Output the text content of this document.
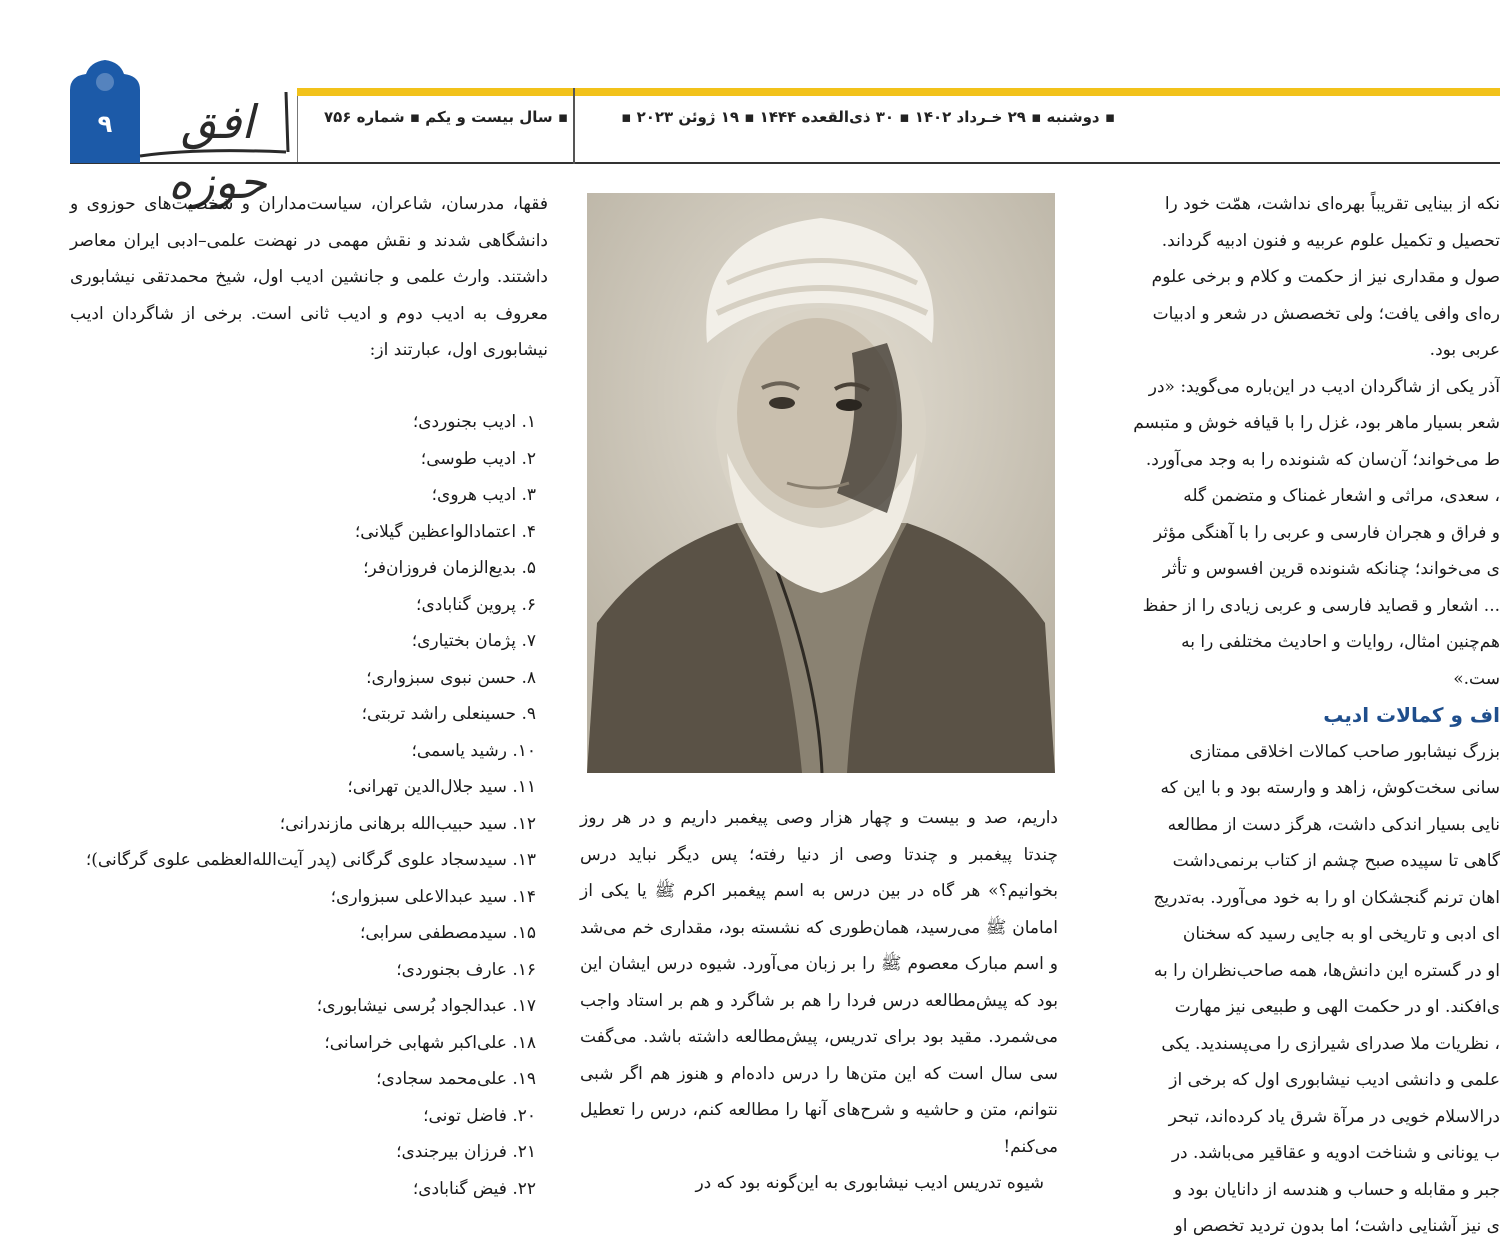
۹	افق حوزه
▪ سال بیست و یکم ▪ شماره ۷۵۶	▪ دوشنبه ▪ ۲۹ خـرداد ۱۴۰۲ ▪ ۳۰ ذی‌القعده ۱۴۴۴ ▪ ۱۹ ژوئن ۲۰۲۳ ▪

فقها، مدرسان، شاعران، سیاست‌مداران و شخصیت‌های حوزوی و دانشگاهی شدند و نقش مهمی در نهضت علمی–ادبی ایران معاصر داشتند. وارث علمی و جانشین ادیب اول، شیخ محمدتقی نیشابوری معروف به ادیب دوم و ادیب ثانی است. برخی از شاگردان ادیب نیشابوری اول، عبارتند از:

۱. ادیب بجنوردی؛
۲. ادیب طوسی؛
۳. ادیب هروی؛
۴. اعتمادالواعظین گیلانی؛
۵. بدیع‌الزمان فروزان‌فر؛
۶. پروین گنابادی؛
۷. پژمان بختیاری؛
۸. حسن نبوی سبزواری؛
۹. حسینعلی راشد تربتی؛
۱۰. رشید یاسمی؛
۱۱. سید جلال‌الدین تهرانی؛
۱۲. سید حبیب‌الله برهانی مازندرانی؛
۱۳. سیدسجاد علوی گرگانی (پدر آیت‌الله‌العظمی علوی گرگانی)؛
۱۴. سید عبدالاعلی سبزواری؛
۱۵. سیدمصطفی سرابی؛
۱۶. عارف بجنوردی؛
۱۷. عبدالجواد بُرسی نیشابوری؛
۱۸. علی‌اکبر شهابی خراسانی؛
۱۹. علی‌محمد سجادی؛
۲۰. فاضل تونی؛
۲۱. فرزان بیرجندی؛
۲۲. فیض گنابادی؛

داریم، صد و بیست و چهار هزار وصی پیغمبر داریم و در هر روز چندتا پیغمبر و چندتا وصی از دنیا رفته؛ پس دیگر نباید درس بخوانیم؟» هر گاه در بین درس به اسم پیغمبر اکرم ﷺ یا یکی از امامان ﷺ می‌رسید، همان‌طوری که نشسته بود، مقداری خم می‌شد و اسم مبارک معصوم ﷺ را بر زبان می‌آورد. شیوه درس ایشان این بود که پیش‌مطالعه درس فردا را هم بر شاگرد و هم بر استاد واجب می‌شمرد. مقید بود برای تدریس، پیش‌مطالعه داشته باشد. می‌گفت سی سال است که این متن‌ها را درس داده‌ام و هنوز هم اگر شبی نتوانم، متن و حاشیه و شرح‌های آنها را مطالعه کنم، درس را تعطیل می‌کنم!

شیوه تدریس ادیب نیشابوری به این‌گونه بود که در

نکه از بینایی تقریباً بهره‌ای نداشت، همّت خود را
تحصیل و تکمیل علوم عربیه و فنون ادبیه گرداند.
صول و مقداری نیز از حکمت و کلام و برخی علوم
ره‌ای وافی یافت؛ ولی تخصصش در شعر و ادبیات
عربی بود.
آذر یکی از شاگردان ادیب در این‌باره می‌گوید: «در
شعر بسیار ماهر بود، غزل را با قیافه خوش و متبسم
ط می‌خواند؛ آن‌سان که شنونده را به وجد می‌آورد.
، سعدی، مراثی و اشعار غمناک و متضمن گله
و فراق و هجران فارسی و عربی را با آهنگی مؤثر
ی می‌خواند؛ چنانکه شنونده قرین افسوس و تأثر
... اشعار و قصاید فارسی و عربی زیادی را از حفظ
هم‌چنین امثال، روایات و احادیث مختلفی را به
ست.»
اف و کمالات ادیب
بزرگ نیشابور صاحب کمالات اخلاقی ممتازی
سانی سخت‌کوش، زاهد و وارسته بود و با این که
نایی بسیار اندکی داشت، هرگز دست از مطالعه
گاهی تا سپیده صبح چشم از کتاب برنمی‌داشت
اهان ترنم گنجشکان او را به خود می‌آورد. به‌تدریج
ای ادبی و تاریخی او به جایی رسید که سخنان
او در گستره این دانش‌ها، همه صاحب‌نظران را به
ی‌افکند. او در حکمت الهی و طبیعی نیز مهارت
، نظریات ملا صدرای شیرازی را می‌پسندید. یکی
علمی و دانشی ادیب نیشابوری اول که برخی از
درالاسلام خویی در مرآة شرق یاد کرده‌اند، تبحر
ب یونانی و شناخت ادویه و عقاقیر می‌باشد. در
جبر و مقابله و حساب و هندسه از دانایان بود و
ی نیز آشنایی داشت؛ اما بدون تردید تخصص او
